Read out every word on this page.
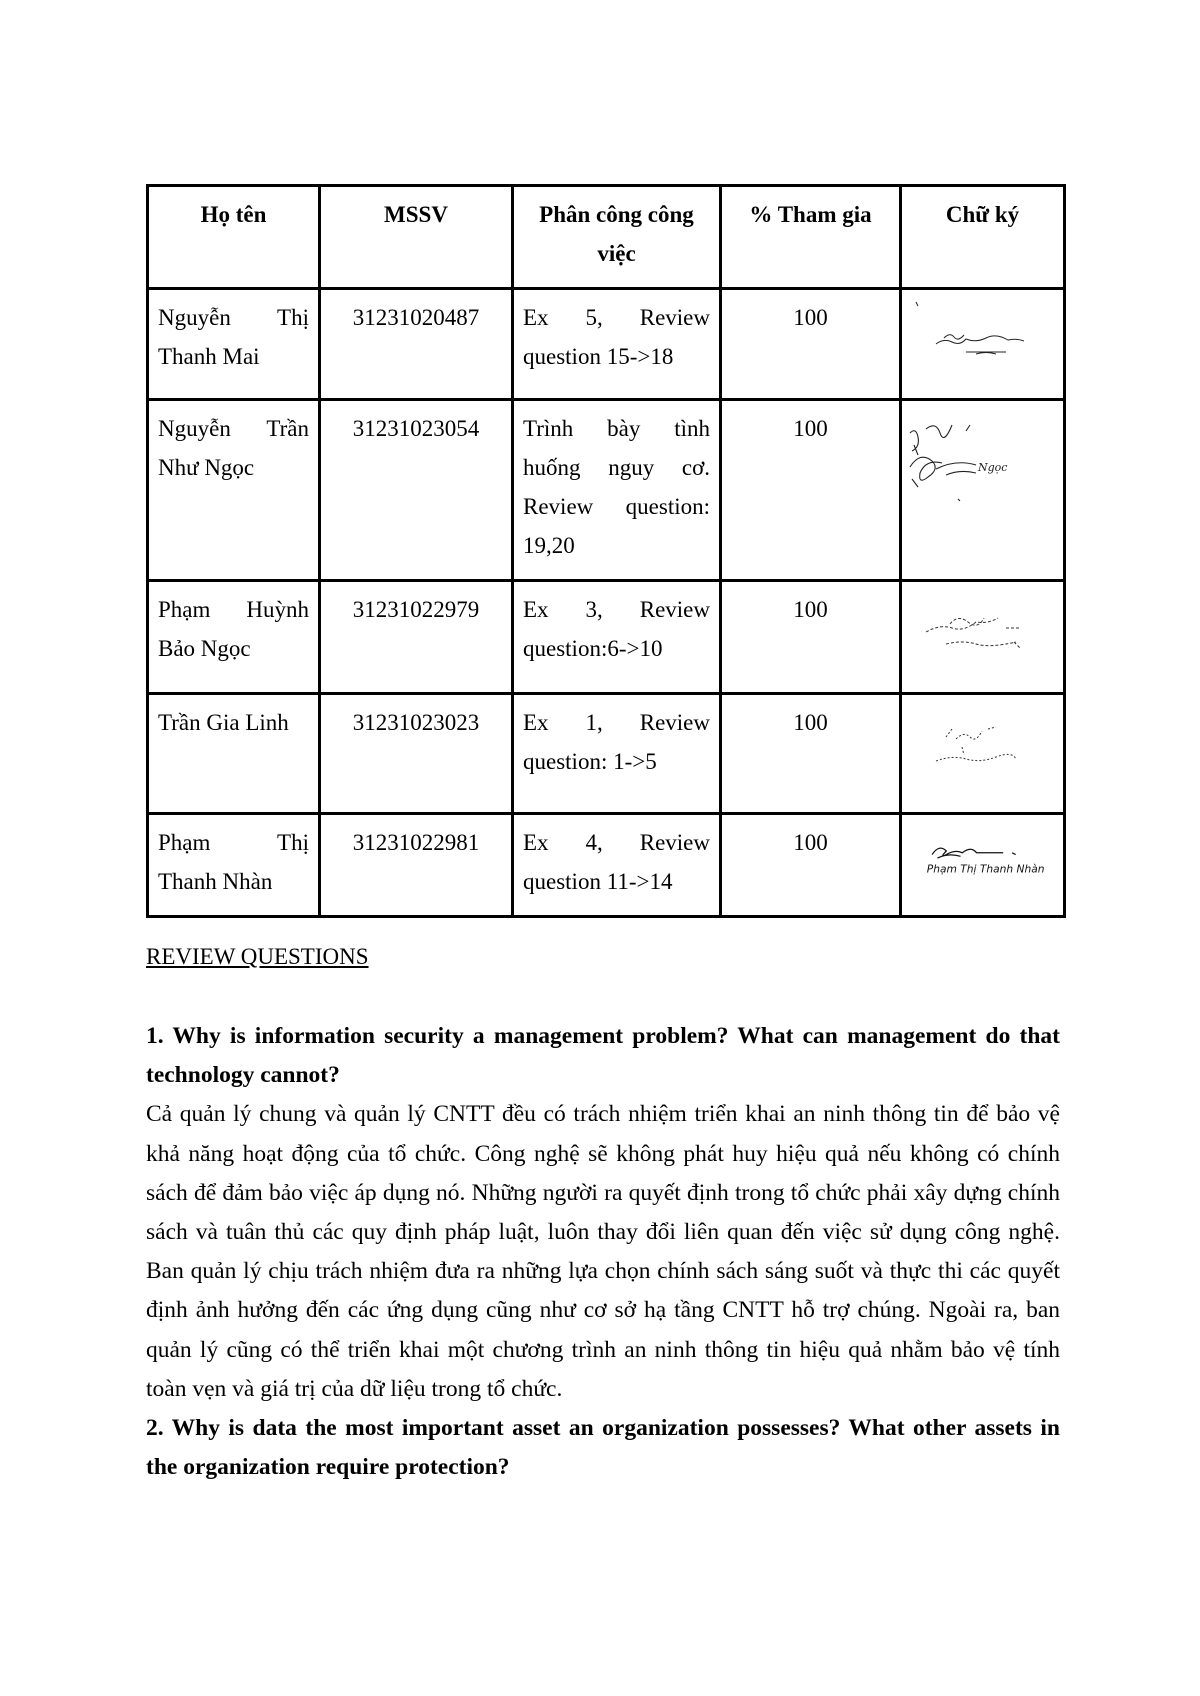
Họ tên	MSSV	Phân công công việc	% Tham gia	Chữ ký
Nguyễn Thị Thanh Mai	31231020487	Ex 5, Review question 15->18	100	

Nguyễn Trần Như Ngọc	31231023054	Trình bày tình huống nguy cơ. Review question: 19,20	100	Ngọc

Phạm Huỳnh Bảo Ngọc	31231022979	Ex 3, Review question:6->10	100	

Trần Gia Linh	31231023023	Ex 1, Review question: 1->5	100	

Phạm Thị Thanh Nhàn	31231022981	Ex 4, Review question 11->14	100	Phạm Thị Thanh Nhàn

REVIEW QUESTIONS

1. Why is information security a management problem? What can management do that technology cannot?

Cả quản lý chung và quản lý CNTT đều có trách nhiệm triển khai an ninh thông tin để bảo vệ khả năng hoạt động của tổ chức. Công nghệ sẽ không phát huy hiệu quả nếu không có chính sách để đảm bảo việc áp dụng nó. Những người ra quyết định trong tổ chức phải xây dựng chính sách và tuân thủ các quy định pháp luật, luôn thay đổi liên quan đến việc sử dụng công nghệ. Ban quản lý chịu trách nhiệm đưa ra những lựa chọn chính sách sáng suốt và thực thi các quyết định ảnh hưởng đến các ứng dụng cũng như cơ sở hạ tầng CNTT hỗ trợ chúng. Ngoài ra, ban quản lý cũng có thể triển khai một chương trình an ninh thông tin hiệu quả nhằm bảo vệ tính toàn vẹn và giá trị của dữ liệu trong tổ chức.

2. Why is data the most important asset an organization possesses? What other assets in the organization require protection?
